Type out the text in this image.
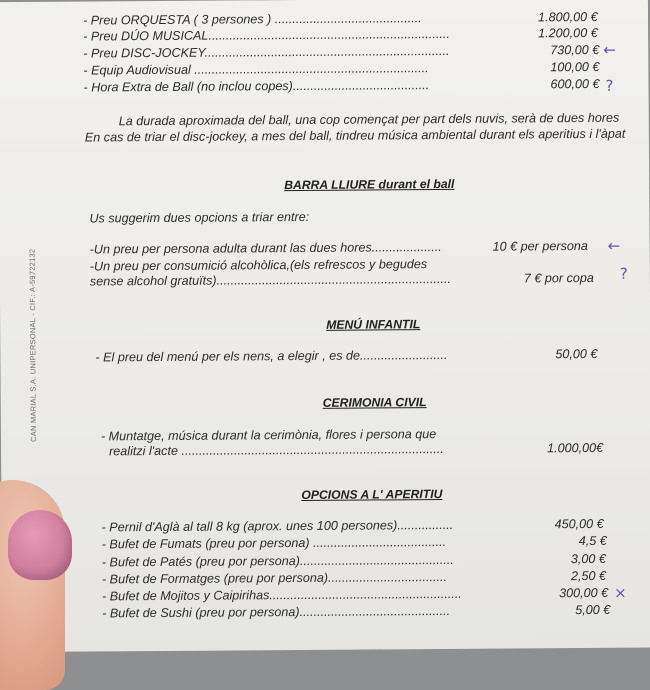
CAN MARIAL S.A. UNIPERSONAL - CIF.: A-59722132
- Preu ORQUESTA ( 3 persones ) ..........................................	1.800,00 €
- Preu DÚO MUSICAL.....................................................................	1.200,00 €
- Preu DISC-JOCKEY......................................................................	730,00 € ←
- Equip Audiovisual ...................................................................	100,00 €
- Hora Extra de Ball (no inclou copes).......................................	600,00 € ?
La durada aproximada del ball, una cop començat per part dels nuvis, serà de dues hores
En cas de triar el disc-jockey, a mes del ball, tindreu música ambiental durant els aperitius i l'àpat
BARRA LLIURE durant el ball
Us suggerim dues opcions a triar entre:
-Un preu per persona adulta durant las dues hores....................	10 € per persona ←
-Un preu per consumició alcohòlica,(els refrescos y begudes
sense alcohol gratuïts)...................................................................	7 € por copa ?
MENÚ INFANTIL
- El preu del menú per els nens, a elegir , es de.........................	50,00 €
CERIMONIA CIVIL
- Muntatge, música durant la cerimònia, flores i persona que
realitzi l'acte ...........................................................................	1.000,00€
OPCIONS A L' APERITIU
- Pernil d'Aglà al tall 8 kg (aprox. unes 100 persones)................	450,00 €
- Bufet de Fumats (preu por persona) ......................................	4,5 €
- Bufet de Patés (preu por persona)............................................	3,00 €
- Bufet de Formatges (preu por persona)..................................	2,50 €
- Bufet de Mojitos y Caipirihas.......................................................	300,00 € ×
- Bufet de Sushi (preu por persona)...........................................	5,00 €
